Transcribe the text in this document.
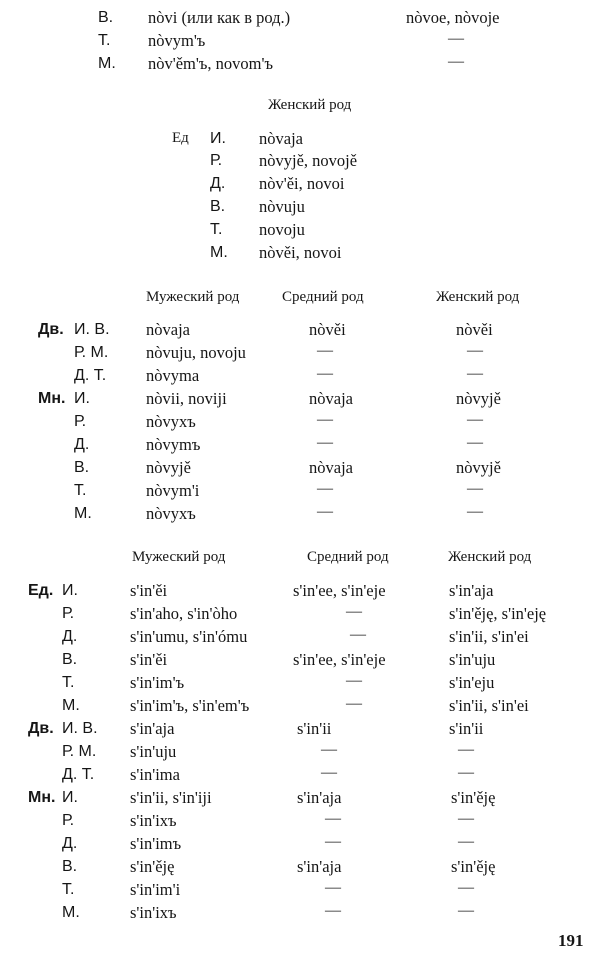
В. nòvi (или как в род.)	nòvoe, nòvoje
Т. nòvym'ъ	—
М. nòv'ěm'ъ, novom'ъ	—
Женский род
Ед И. nòvaja
Р. nòvyjě, novojě
Д. nòv'ěi, novoi
В. nòvuju
Т. novoju
М. nòvěi, novoi
Мужеский род	Средний род	Женский род
Дв. И. В. nòvaja	nòvěi	nòvěi
Р. М. nòvuju, novoju	—	—
Д. Т. nòvyma	—	—
Мн. И.	nòvii, noviji	nòvaja	nòvyjě
Р.	nòvyxъ	—	—
Д.	nòvymъ	—	—
В.	nòvyjě	nòvaja	nòvyjě
Т.	nòvym'i	—	—
М.	nòvyxъ	—	—
Мужеский род	Средний род	Женский род
Ед. И.	s'in'ěi	s'in'ee, s'in'eje	s'in'aja
Р.	s'in'aho, s'in'òho	—	s'in'ěję, s'in'eję
Д.	s'in'umu, s'in'ómu	—	s'in'ii, s'in'ei
В.	s'in'ěi	s'in'ee, s'in'eje	s'in'uju
Т.	s'in'im'ъ	—	s'in'eju
М.	s'in'im'ъ, s'in'em'ъ	—	s'in'ii, s'in'ei
Дв. И. В. s'in'aja	s'in'ii	s'in'ii
Р. М. s'in'uju	—	—
Д. Т. s'in'ima	—	—
Мн. И.	s'in'ii, s'in'iji	s'in'aja	s'in'ěję
Р.	s'in'ixъ	—	—
Д.	s'in'imъ	—	—
В.	s'in'ěję	s'in'aja	s'in'ěję
Т.	s'in'im'i	—	—
М.	s'in'ixъ	—	—
191
